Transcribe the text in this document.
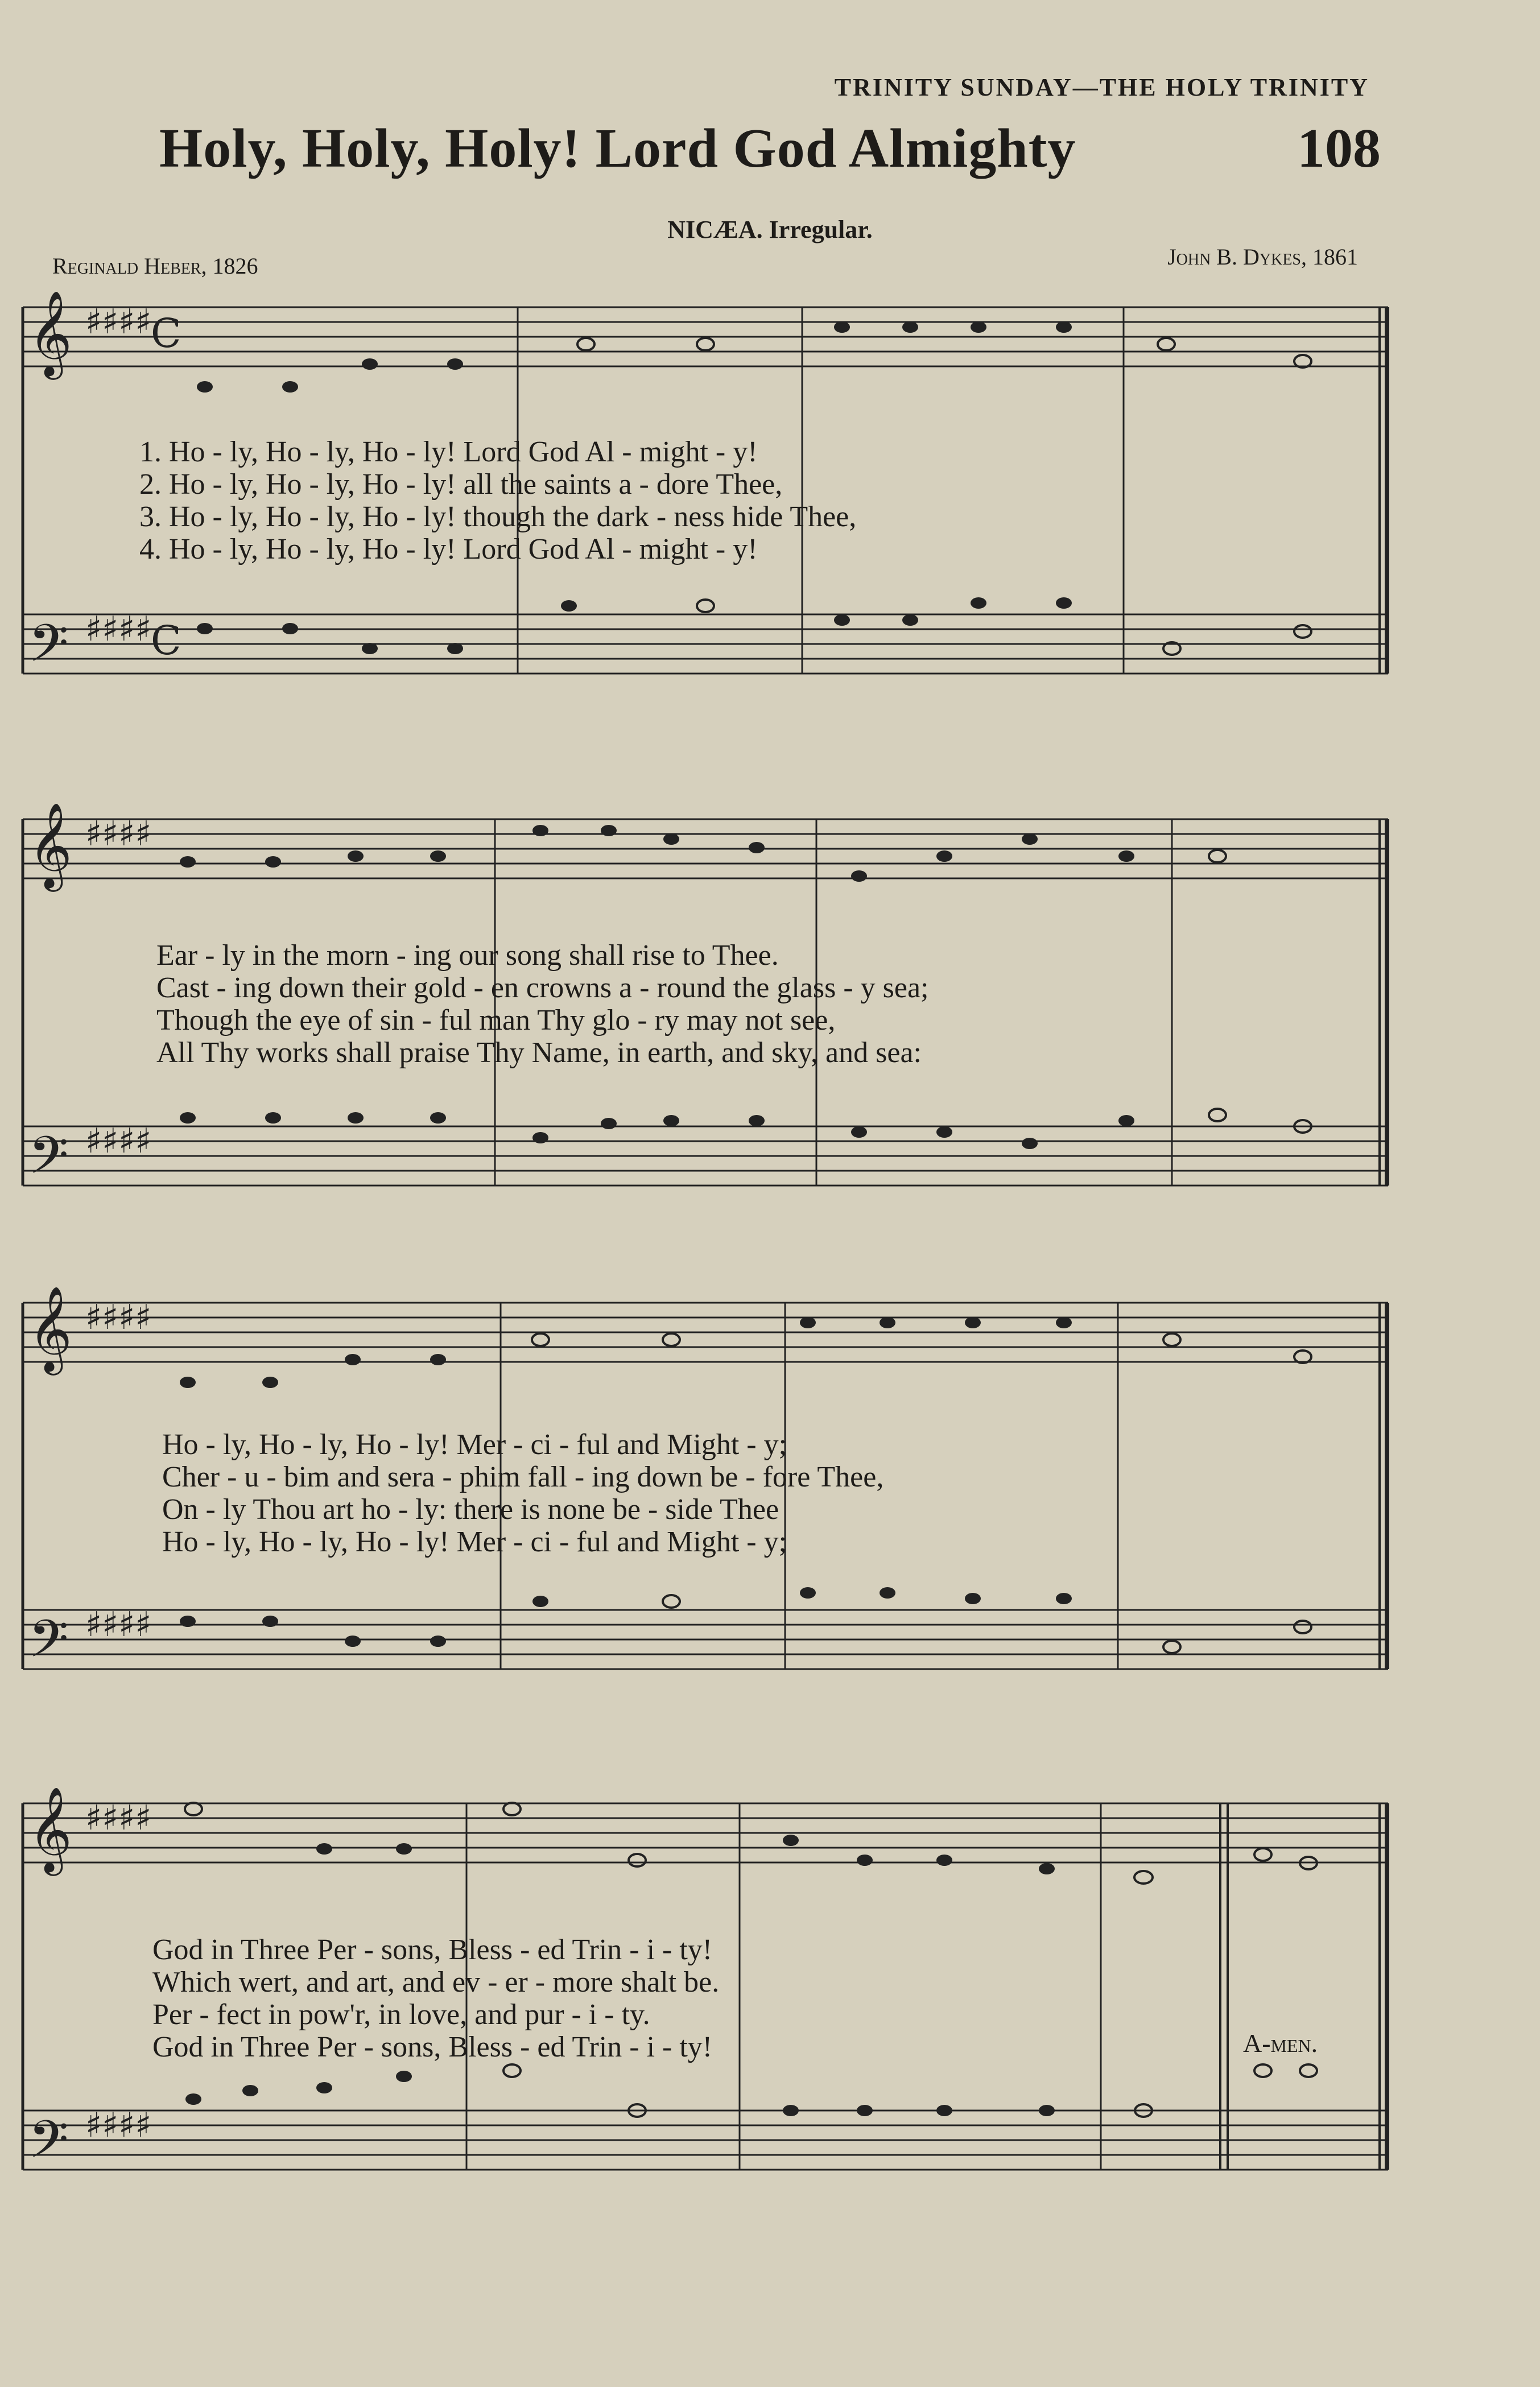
TRINITY SUNDAY—THE HOLY TRINITY
Holy, Holy, Holy! Lord God Almighty	108
NICÆA. Irregular.
Reginald Heber, 1826	John B. Dykes, 1861
𝄞
𝄢
♯♯♯♯
♯♯♯♯
C
C
1. Ho - ly, Ho - ly, Ho - ly! Lord God Al - might - y!
2. Ho - ly, Ho - ly, Ho - ly! all the saints a - dore Thee,
3. Ho - ly, Ho - ly, Ho - ly! though the dark - ness hide Thee,
4. Ho - ly, Ho - ly, Ho - ly! Lord God Al - might - y!
𝄞
𝄢
♯♯♯♯
♯♯♯♯
Ear - ly in the morn - ing our song shall rise to Thee.
Cast - ing down their gold - en crowns a - round the glass - y sea;
Though the eye of sin - ful man Thy glo - ry may not see,
All Thy works shall praise Thy Name, in earth, and sky, and sea:
𝄞
𝄢
♯♯♯♯
♯♯♯♯
Ho - ly, Ho - ly, Ho - ly! Mer - ci - ful and Might - y;
Cher - u - bim and sera - phim fall - ing down be - fore Thee,
On - ly Thou art ho - ly: there is none be - side Thee
Ho - ly, Ho - ly, Ho - ly! Mer - ci - ful and Might - y;
𝄞
𝄢
♯♯♯♯
♯♯♯♯
God in Three Per - sons, Bless - ed Trin - i - ty!
Which wert, and art, and ev - er - more shalt be.
Per - fect in pow'r, in love, and pur - i - ty.
God in Three Per - sons, Bless - ed Trin - i - ty!	A-men.
